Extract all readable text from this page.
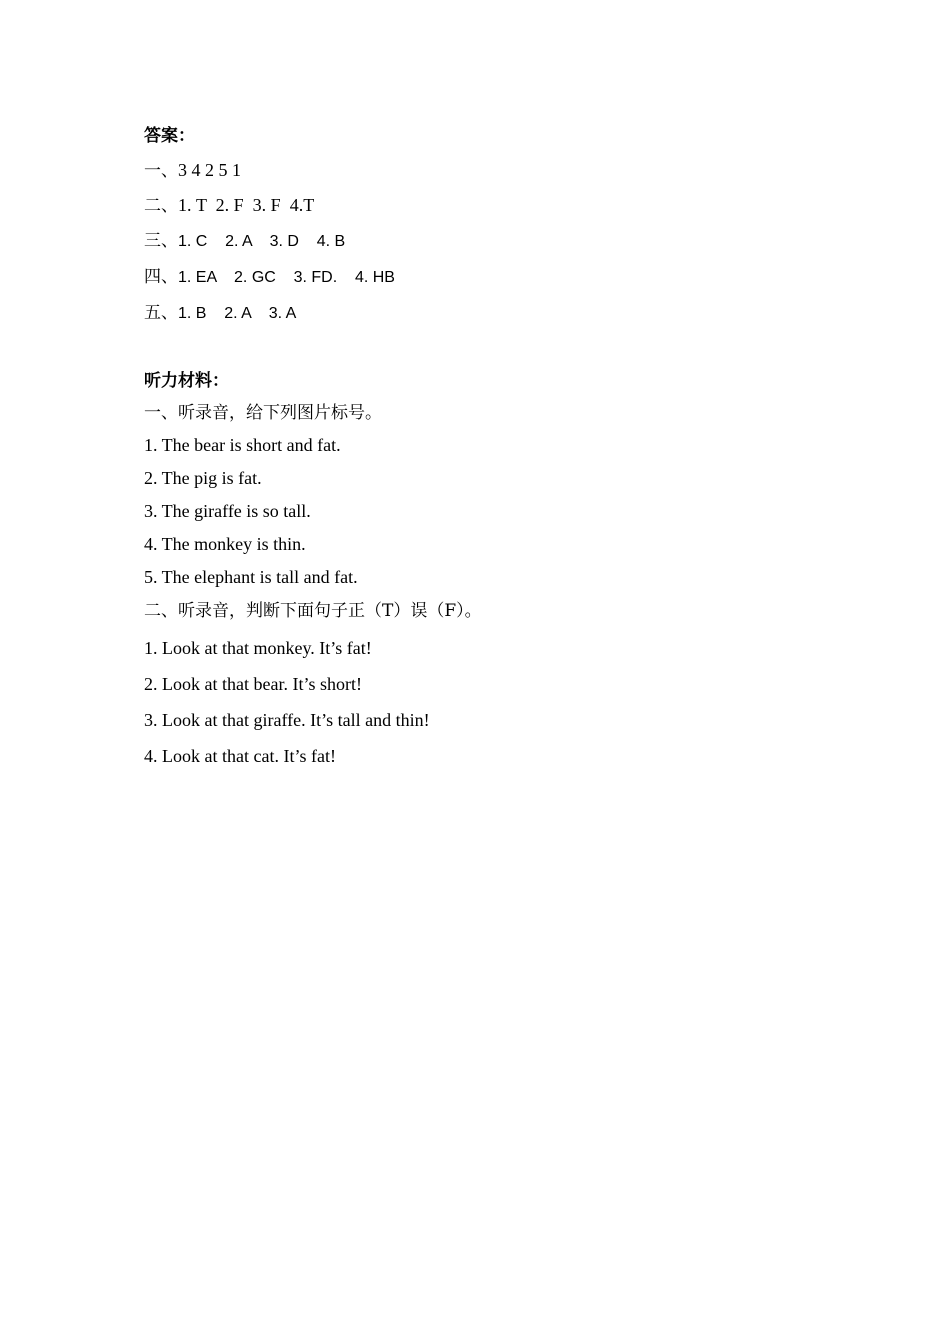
答案：
一、3 4 2 5 1
二、1. T  2. F  3. F  4.T
三、1. C    2. A    3. D    4. B
四、1. EA    2. GC    3. FD.    4. HB
五、1. B    2. A    3. A
听力材料：
一、听录音，给下列图片标号。
1. The bear is short and fat.
2. The pig is fat.
3. The giraffe is so tall.
4. The monkey is thin.
5. The elephant is tall and fat.
二、听录音，判断下面句子正（T）误（F）。
1. Look at that monkey. It’s fat!
2. Look at that bear. It’s short!
3. Look at that giraffe. It’s tall and thin!
4. Look at that cat. It’s fat!
